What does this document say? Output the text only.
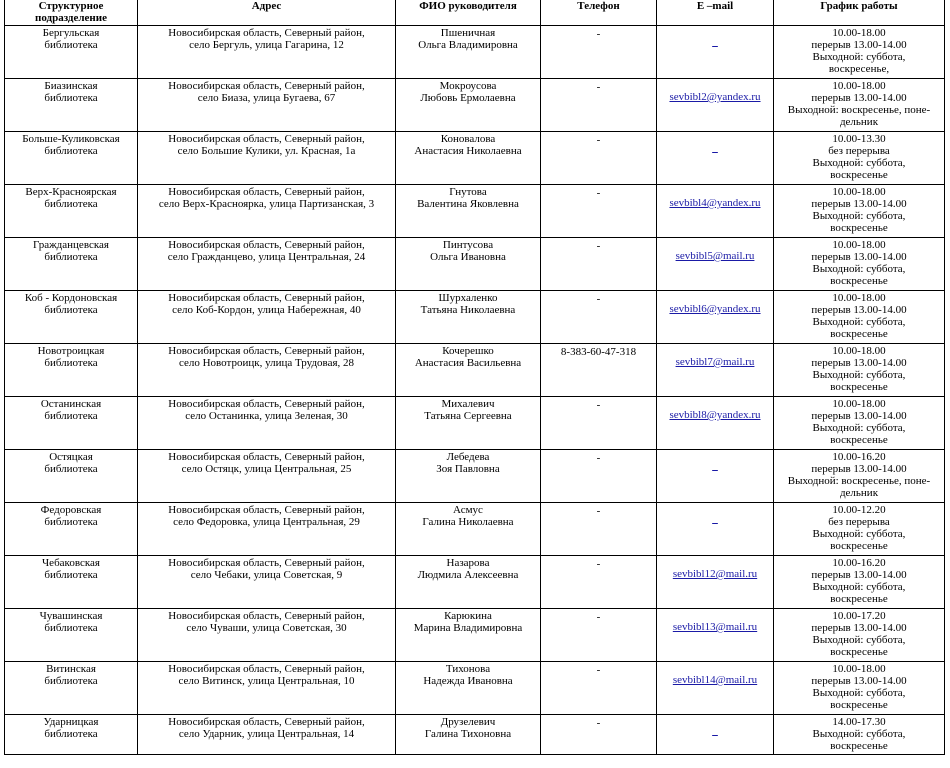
Структурное
подразделение	Адрес	ФИО руководителя	Телефон	E –mail	График работы

Бергульская
библиотека	Новосибирская область, Северный район,
село Бергуль, улица Гагарина, 12	Пшеничная
Ольга Владимировна	-	_	10.00-18.00
перерыв 13.00-14.00
Выходной: суббота,
воскресенье,

Биазинская
библиотека	Новосибирская область, Северный район,
село Биаза, улица Бугаева, 67	Мокроусова
Любовь Ермолаевна	-	sevbibl2@yandex.ru	10.00-18.00
перерыв 13.00-14.00
Выходной: воскресенье, поне-
дельник

Больше-Куликовская
библиотека	Новосибирская область, Северный район,
село Большие Кулики, ул. Красная, 1а	Коновалова
Анастасия Николаевна	-	_	10.00-13.30
без перерыва
Выходной: суббота,
воскресенье

Верх-Красноярская
библиотека	Новосибирская область, Северный район,
село Верх-Красноярка, улица Партизанская, 3	Гнутова
Валентина Яковлевна	-	sevbibl4@yandex.ru	10.00-18.00
перерыв 13.00-14.00
Выходной: суббота,
воскресенье

Гражданцевская
библиотека	Новосибирская область, Северный район,
село Гражданцево, улица Центральная, 24	Пинтусова
Ольга Ивановна	-	sevbibl5@mail.ru	10.00-18.00
перерыв 13.00-14.00
Выходной: суббота,
воскресенье

Коб - Кордоновская
библиотека	Новосибирская область, Северный район,
село Коб-Кордон, улица Набережная, 40	Шурхаленко
Татьяна Николаевна	-	sevbibl6@yandex.ru	10.00-18.00
перерыв 13.00-14.00
Выходной: суббота,
воскресенье

Новотроицкая
библиотека	Новосибирская область, Северный район,
село Новотроицк, улица Трудовая, 28	Кочерешко
Анастасия Васильевна	8-383-60-47-318	sevbibl7@mail.ru	10.00-18.00
перерыв 13.00-14.00
Выходной: суббота,
воскресенье

Останинская
библиотека	Новосибирская область, Северный район,
село Останинка, улица Зеленая, 30	Михалевич
Татьяна Сергеевна	-	sevbibl8@yandex.ru	10.00-18.00
перерыв 13.00-14.00
Выходной: суббота,
воскресенье

Остяцкая
библиотека	Новосибирская область, Северный район,
село Остяцк, улица Центральная, 25	Лебедева
Зоя Павловна	-	_	10.00-16.20
перерыв 13.00-14.00
Выходной: воскресенье, поне-
дельник

Федоровская
библиотека	Новосибирская область, Северный район,
село Федоровка, улица Центральная, 29	Асмус
Галина Николаевна	-	_	10.00-12.20
без перерыва
Выходной: суббота,
воскресенье

Чебаковская
библиотека	Новосибирская область, Северный район,
село Чебаки, улица Советская, 9	Назарова
Людмила Алексеевна	-	sevbibl12@mail.ru	10.00-16.20
перерыв 13.00-14.00
Выходной: суббота,
воскресенье

Чувашинская
библиотека	Новосибирская область, Северный район,
село Чуваши, улица Советская, 30	Карюкина
Марина Владимировна	-	sevbibl13@mail.ru	10.00-17.20
перерыв 13.00-14.00
Выходной: суббота,
воскресенье

Витинская
библиотека	Новосибирская область, Северный район,
село Витинск, улица Центральная, 10	Тихонова
Надежда Ивановна	-	sevbibl14@mail.ru	10.00-18.00
перерыв 13.00-14.00
Выходной: суббота,
воскресенье

Ударницкая
библиотека	Новосибирская область, Северный район,
село Ударник, улица Центральная, 14	Друзелевич
Галина Тихоновна	-	_	14.00-17.30
Выходной: суббота,
воскресенье
